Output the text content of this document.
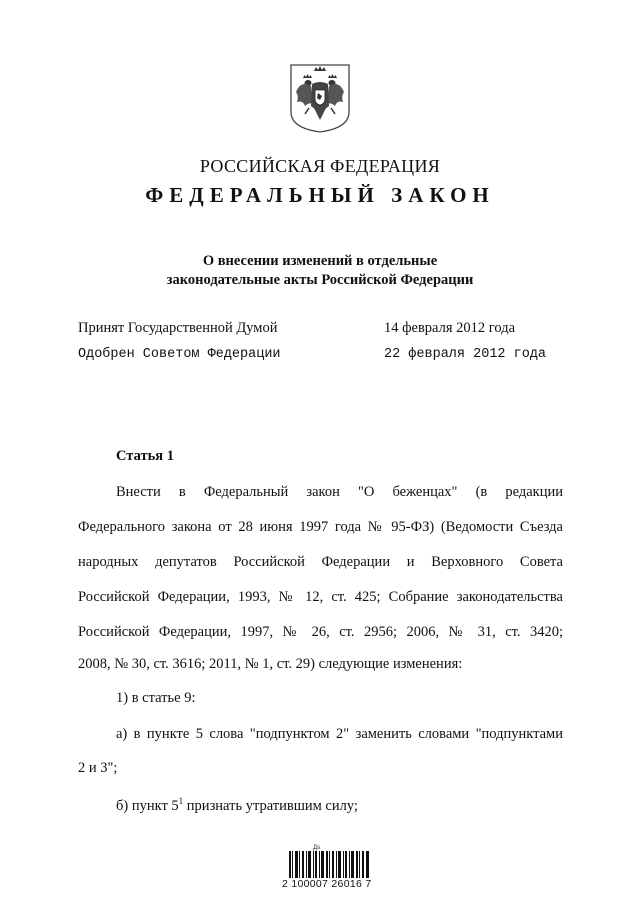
РОССИЙСКАЯ ФЕДЕРАЦИЯ
ФЕДЕРАЛЬНЫЙ ЗАКОН
О внесении изменений в отдельные
законодательные акты Российской Федерации
Принят Государственной Думой	14 февраля 2012 года
Одобрен Советом Федерации	22 февраля 2012 года
Статья 1
Внести в Федеральный закон "О беженцах" (в редакции
Федерального закона от 28 июня 1997 года № 95-ФЗ) (Ведомости Съезда
народных депутатов Российской Федерации и Верховного Совета
Российской Федерации, 1993, № 12, ст. 425; Собрание законодательства
Российской Федерации, 1997, № 26, ст. 2956; 2006, № 31, ст. 3420;
2008, № 30, ст. 3616; 2011, № 1, ст. 29) следующие изменения:
1) в статье 9:
а) в пункте 5 слова "подпунктом 2" заменить словами "подпунктами
2 и 3";
б) пункт $5^1$ признать утратившим силу;
Дs
2 100007 26016 7
